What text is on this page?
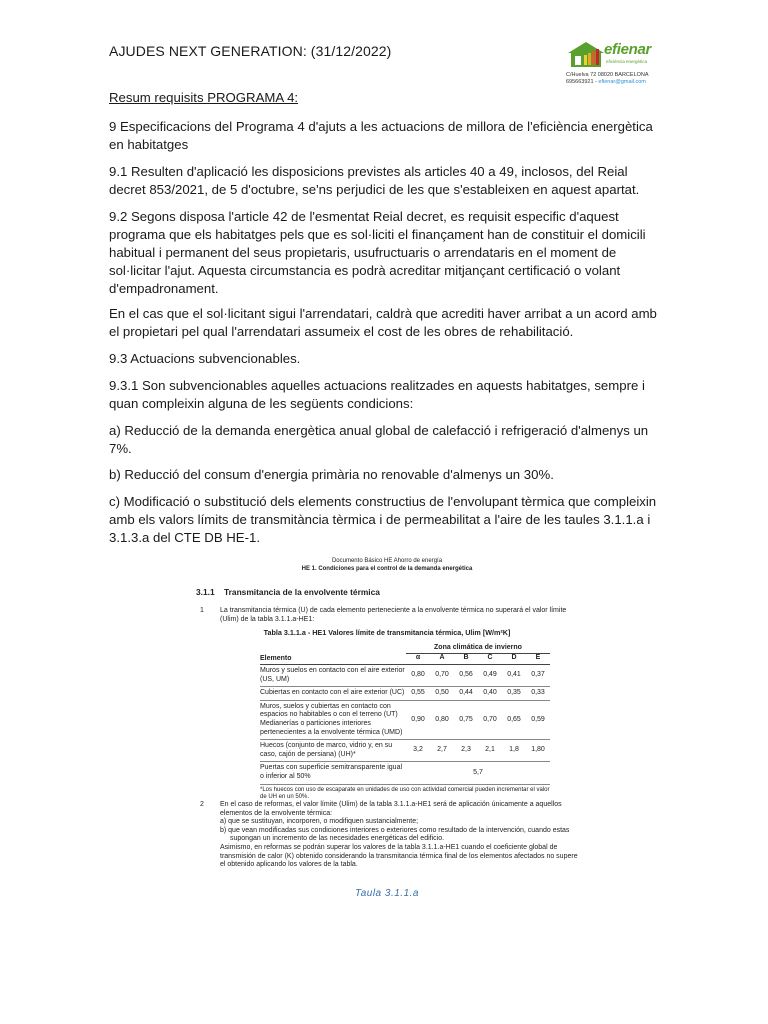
AJUDES NEXT GENERATION: (31/12/2022)	efienar
eficiència energètica
C/Huelva 72 08020 BARCELONA
695663921 - efienar@gmail.com

Resum requisits PROGRAMA 4:

9 Especificacions del Programa 4 d'ajuts a les actuacions de millora de l'eficiència energètica en habitatges

9.1 Resulten d'aplicació les disposicions previstes als articles 40 a 49, inclosos, del Reial decret 853/2021, de 5 d'octubre, se'ns perjudici de les que s'estableixen en aquest apartat.

9.2 Segons disposa l'article 42 de l'esmentat Reial decret, es requisit especific d'aquest programa que els habitatges pels que es sol·liciti el finançament han de constituir el domicili habitual i permanent del seus propietaris, usufructuaris o arrendataris en el moment de sol·licitar l'ajut. Aquesta circumstancia es podrà acreditar mitjançant certificació o volant d'empadronament.

En el cas que el sol·licitant sigui l'arrendatari, caldrà que acrediti haver arribat a un acord amb el propietari pel qual l'arrendatari assumeix el cost de les obres de rehabilitació.

9.3 Actuacions subvencionables.

9.3.1 Son subvencionables aquelles actuacions realitzades en aquests habitatges, sempre i quan compleixin alguna de les següents condicions:

a) Reducció de la demanda energètica anual global de calefacció i refrigeració d'almenys un 7%.

b) Reducció del consum d'energia primària no renovable d'almenys un 30%.

c) Modificació o substitució dels elements constructius de l'envolupant tèrmica que compleixin amb els valors límits de transmitància tèrmica i de permeabilitat a l'aire de les taules 3.1.1.a i 3.1.3.a del CTE DB HE-1.

Documento Básico HE Ahorro de energía
HE 1. Condiciones para el control de la demanda energética
3.1.1 Transmitancia de la envolvente térmica
1 La transmitancia térmica (U) de cada elemento perteneciente a la envolvente térmica no superará el valor límite (Ulim) de la tabla 3.1.1.a-HE1:
Tabla 3.1.1.a - HE1 Valores límite de transmitancia térmica, Ulim [W/m²K]
Elemento
Zona climática de invierno
α	A	B	C	D	E
Muros y suelos en contacto con el aire exterior (US, UM)
0,80	0,70	0,56	0,49	0,41	0,37
Cubiertas en contacto con el aire exterior (UC) 0,55	0,50	0,44	0,40	0,35	0,33
Muros, suelos y cubiertas en contacto con espacios no habitables o con el terreno (UT) Medianerías o particiones interiores pertenecientes a la envolvente térmica (UMD)
0,90	0,80	0,75	0,70	0,65	0,59
Huecos (conjunto de marco, vidrio y, en su caso, cajón de persiana) (UH)*
3,2	2,7	2,3	2,1	1,8	1,80
Puertas con superficie semitransparente igual o inferior al 50%
5,7
*Los huecos con uso de escaparate en unidades de uso con actividad comercial pueden incrementar el valor de UH en un 50%.
2 En el caso de reformas, el valor límite (Ulim) de la tabla 3.1.1.a-HE1 será de aplicación únicamente a aquellos elementos de la envolvente térmica:
a) que se sustituyan, incorporen, o modifiquen sustancialmente;
b) que vean modificadas sus condiciones interiores o exteriores como resultado de la intervención, cuando estas supongan un incremento de las necesidades energéticas del edificio.
Asimismo, en reformas se podrán superar los valores de la tabla 3.1.1.a-HE1 cuando el coeficiente global de transmisión de calor (K) obtenido considerando la transmitancia térmica final de los elementos afectados no supere el obtenido aplicando los valores de la tabla.
Taula 3.1.1.a
